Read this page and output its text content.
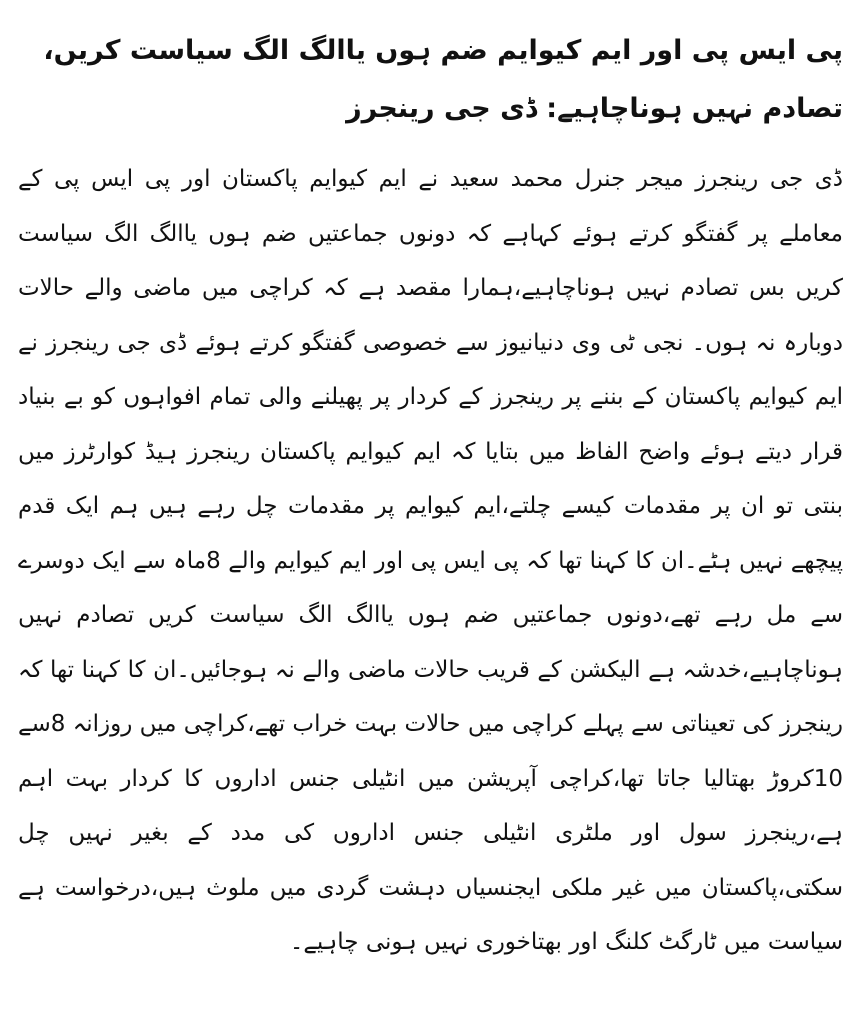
پی ایس پی اور ایم کیوایم ضم ہوں یاالگ الگ سیاست کریں، تصادم نہیں ہوناچاہیے: ڈی جی رینجرز

ڈی جی رینجرز میجر جنرل محمد سعید نے ایم کیوایم پاکستان اور پی ایس پی کے معاملے پر گفتگو کرتے ہوئے کہاہے کہ دونوں جماعتیں ضم ہوں یاالگ الگ سیاست کریں بس تصادم نہیں ہوناچاہیے،ہمارا مقصد ہے کہ کراچی میں ماضی والے حالات دوبارہ نہ ہوں۔ نجی ٹی وی دنیانیوز سے خصوصی گفتگو کرتے ہوئے ڈی جی رینجرز نے ایم کیوایم پاکستان کے بننے پر رینجرز کے کردار پر پھیلنے والی تمام افواہوں کو بے بنیاد قرار دیتے ہوئے واضح الفاظ میں بتایا کہ ایم کیوایم پاکستان رینجرز ہیڈ کوارٹرز میں بنتی تو ان پر مقدمات کیسے چلتے،ایم کیوایم پر مقدمات چل رہے ہیں ہم ایک قدم پیچھے نہیں ہٹے۔ان کا کہنا تھا کہ پی ایس پی اور ایم کیوایم والے 8ماہ سے ایک دوسرے سے مل رہے تھے،دونوں جماعتیں ضم ہوں یاالگ الگ سیاست کریں تصادم نہیں ہوناچاہیے،خدشہ ہے الیکشن کے قریب حالات ماضی والے نہ ہوجائیں۔ان کا کہنا تھا کہ رینجرز کی تعیناتی سے پہلے کراچی میں حالات بہت خراب تھے،کراچی میں روزانہ 8سے 10کروڑ بھتالیا جاتا تھا،کراچی آپریشن میں انٹیلی جنس اداروں کا کردار بہت اہم ہے،رینجرز سول اور ملٹری انٹیلی جنس اداروں کی مدد کے بغیر نہیں چل سکتی،پاکستان میں غیر ملکی ایجنسیاں دہشت گردی میں ملوث ہیں،درخواست ہے سیاست میں ٹارگٹ کلنگ اور بھتاخوری نہیں ہونی چاہیے۔
